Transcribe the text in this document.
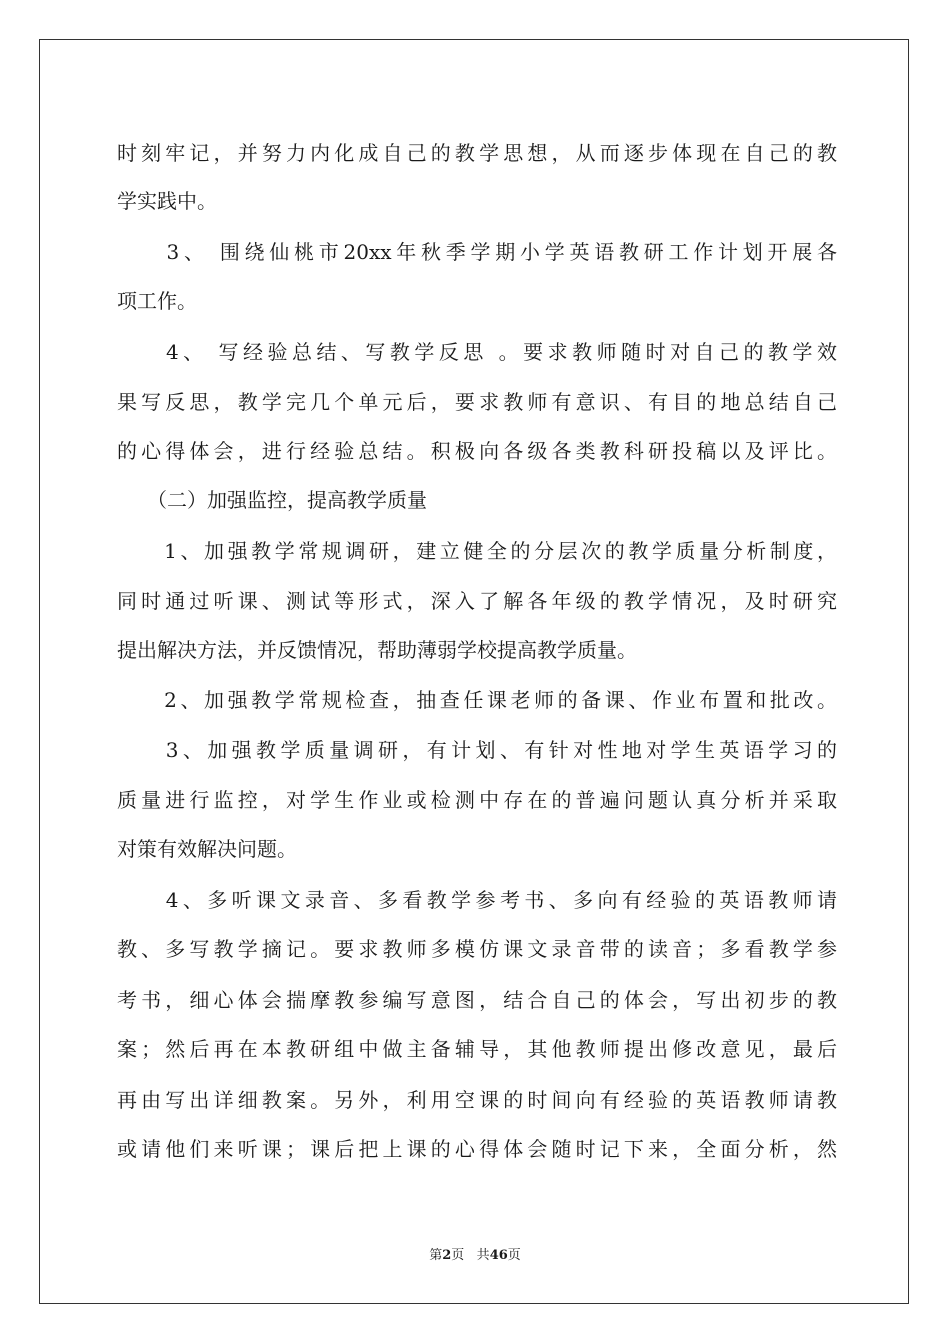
时刻牢记，并努力内化成自己的教学思想，从而逐步体现在自己的教
学实践中。
　　3、 围绕仙桃市20xx年秋季学期小学英语教研工作计划开展各
项工作。
　　4、 写经验总结、写教学反思 。要求教师随时对自己的教学效
果写反思，教学完几个单元后，要求教师有意识、有目的地总结自己
的心得体会，进行经验总结。积极向各级各类教科研投稿以及评比。
　　（二）加强监控，提高教学质量
　　1、加强教学常规调研，建立健全的分层次的教学质量分析制度，
同时通过听课、测试等形式，深入了解各年级的教学情况，及时研究
提出解决方法，并反馈情况，帮助薄弱学校提高教学质量。
　　2、加强教学常规检查，抽查任课老师的备课、作业布置和批改。
　　3、加强教学质量调研，有计划、有针对性地对学生英语学习的
质量进行监控，对学生作业或检测中存在的普遍问题认真分析并采取
对策有效解决问题。
　　4、多听课文录音、多看教学参考书、多向有经验的英语教师请
教、多写教学摘记。要求教师多模仿课文录音带的读音；多看教学参
考书，细心体会揣摩教参编写意图，结合自己的体会，写出初步的教
案；然后再在本教研组中做主备辅导，其他教师提出修改意见，最后
再由写出详细教案。另外，利用空课的时间向有经验的英语教师请教
或请他们来听课；课后把上课的心得体会随时记下来，全面分析，然
第2页 共46页
